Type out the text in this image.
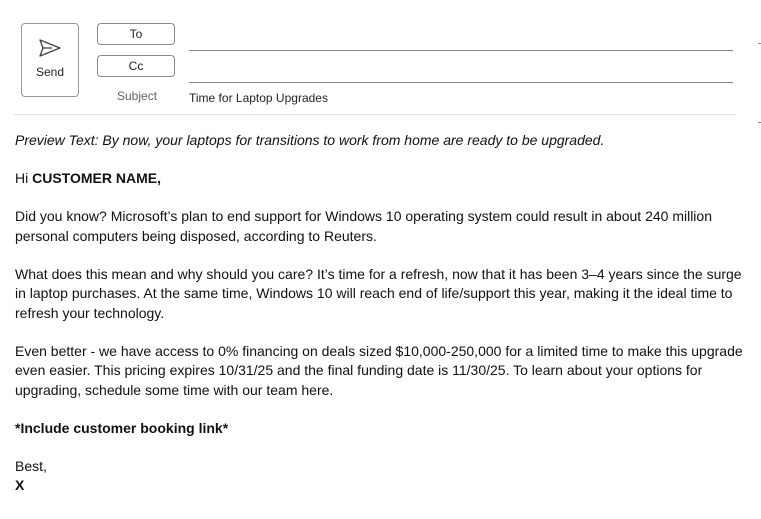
Send
To
Cc
Subject	Time for Laptop Upgrades

Preview Text: By now, your laptops for transitions to work from home are ready to be upgraded.

Hi CUSTOMER NAME,

Did you know? Microsoft’s plan to end support for Windows 10 operating system could result in about 240 million personal computers being disposed, according to Reuters.

What does this mean and why should you care? It’s time for a refresh, now that it has been 3–4 years since the surge in laptop purchases. At the same time, Windows 10 will reach end of life/support this year, making it the ideal time to refresh your technology.

Even better - we have access to 0% financing on deals sized $10,000-250,000 for a limited time to make this upgrade even easier. This pricing expires 10/31/25 and the final funding date is 11/30/25. To learn about your options for upgrading, schedule some time with our team here.

*Include customer booking link*

Best,

X
